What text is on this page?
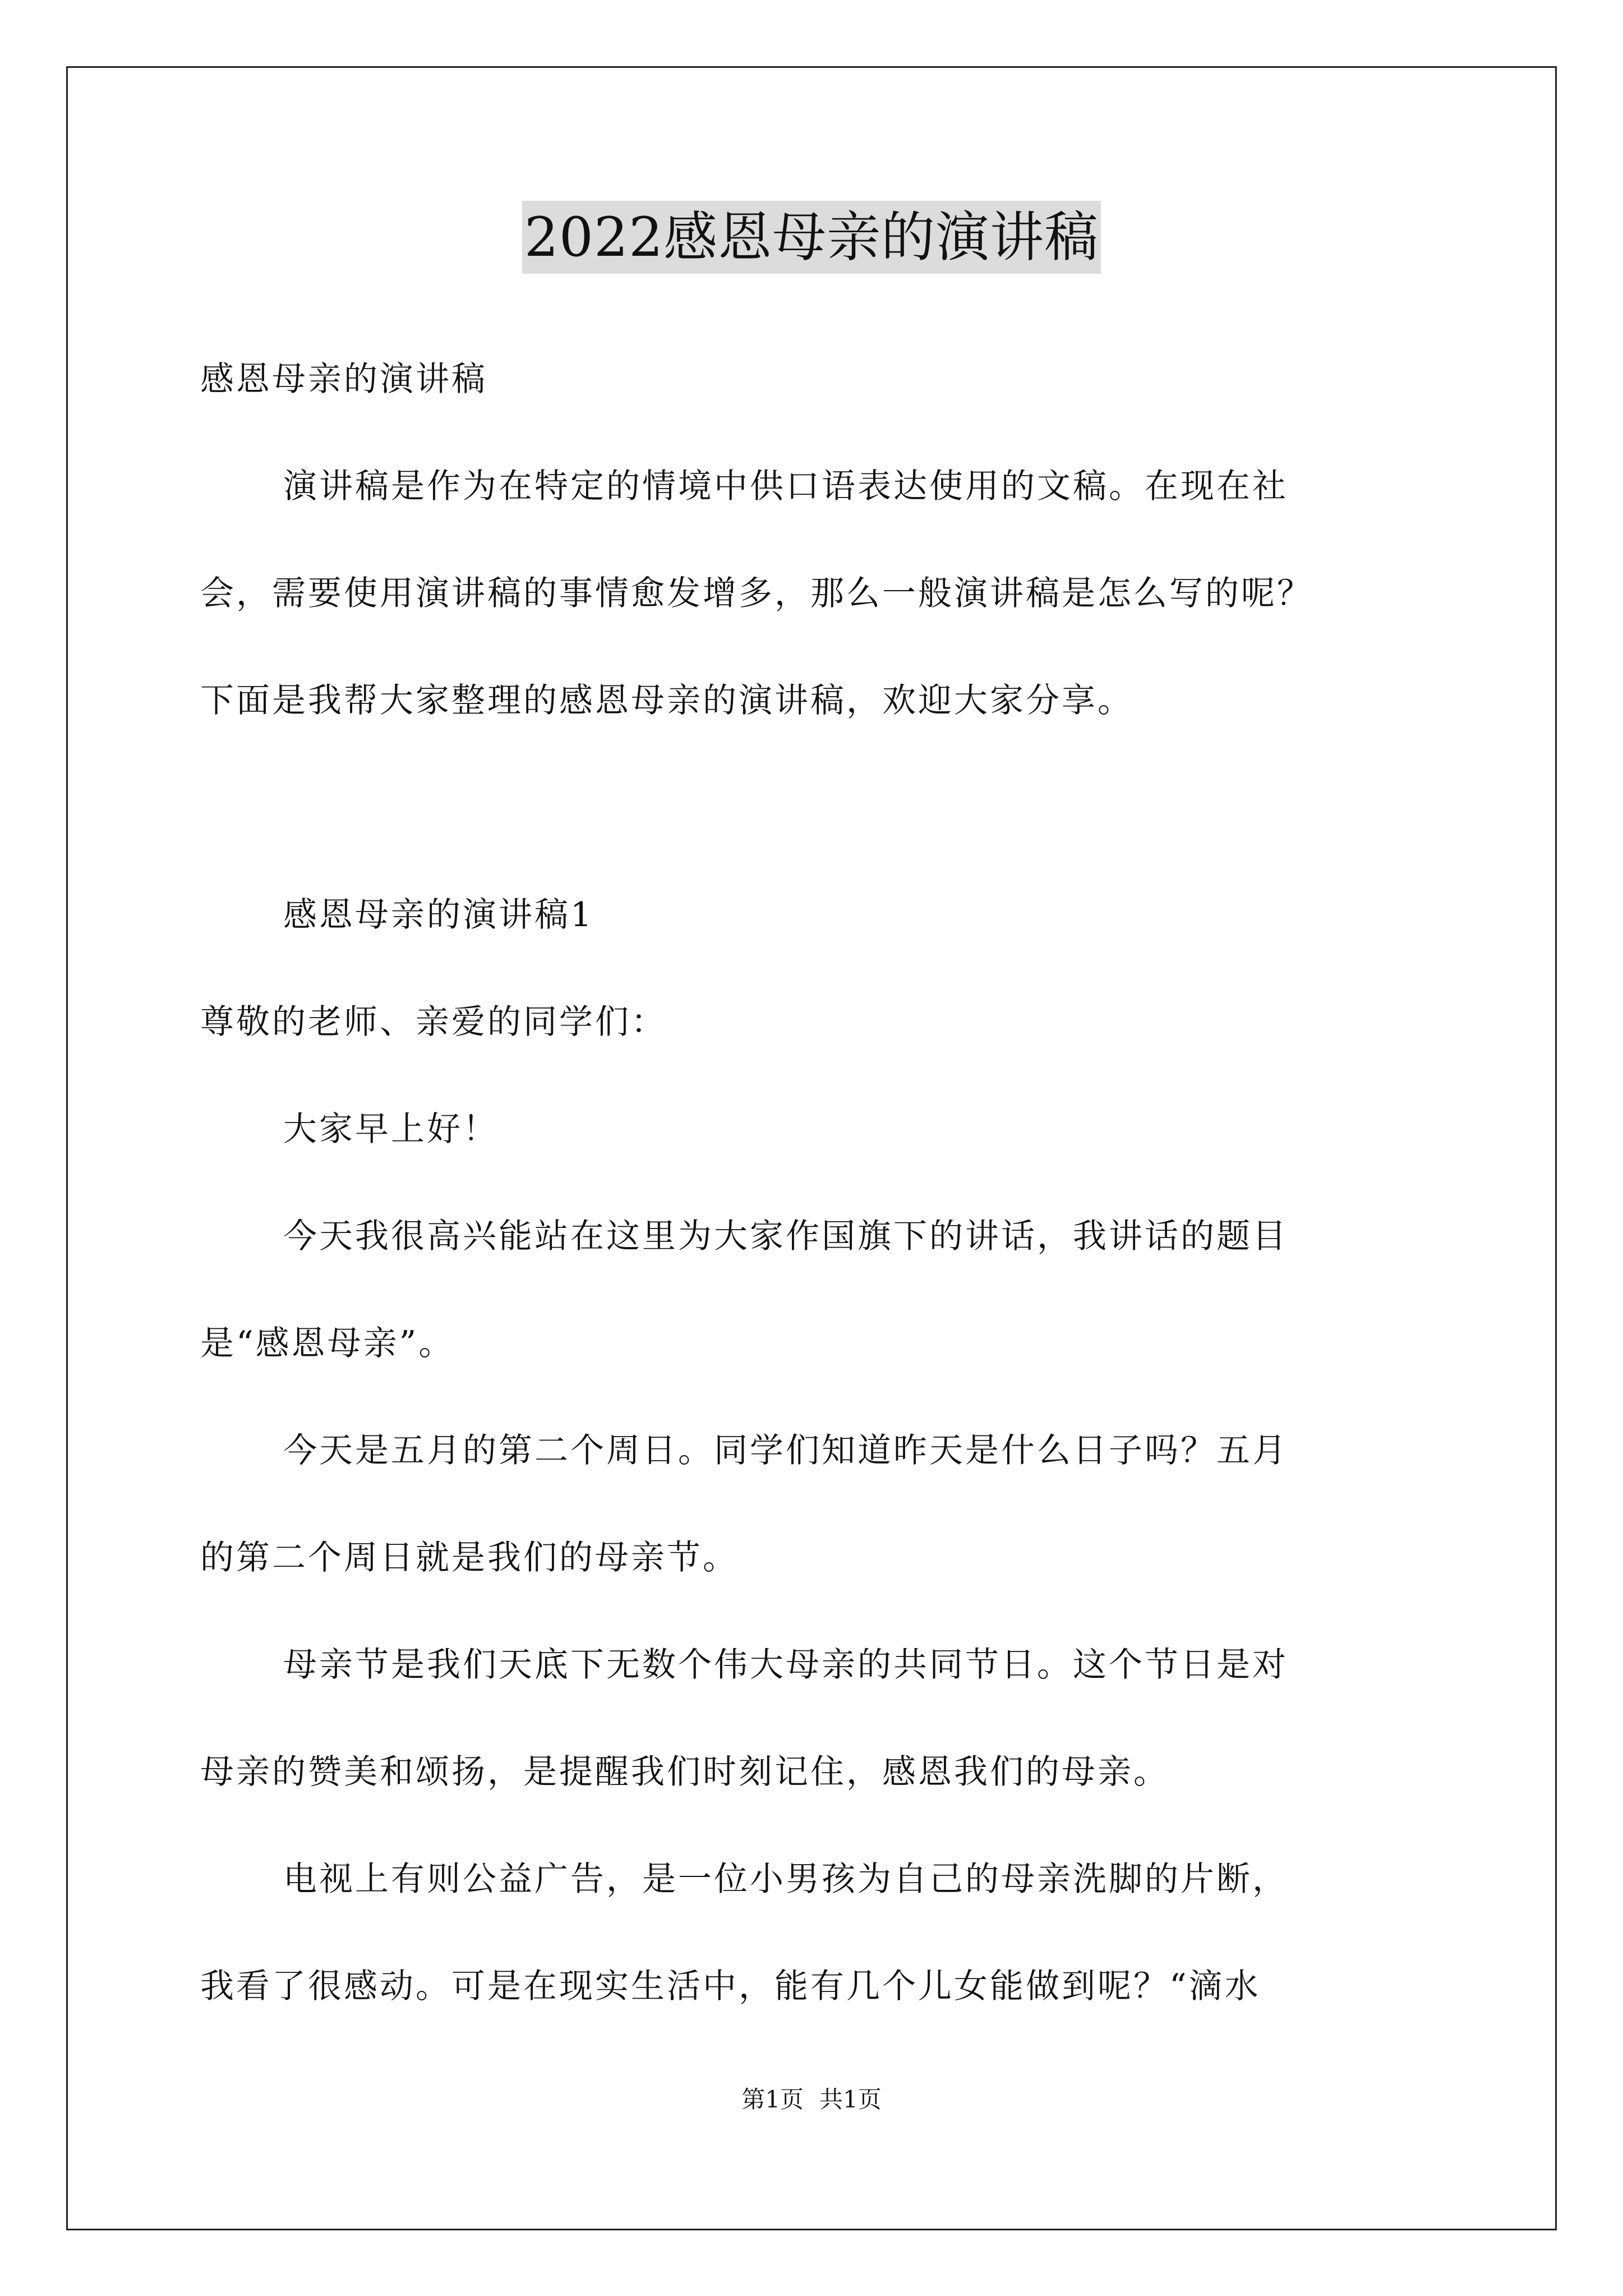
2022感恩母亲的演讲稿

感恩母亲的演讲稿

演讲稿是作为在特定的情境中供口语表达使用的文稿。在现在社

会，需要使用演讲稿的事情愈发增多，那么一般演讲稿是怎么写的呢？

下面是我帮大家整理的感恩母亲的演讲稿，欢迎大家分享。

感恩母亲的演讲稿1

尊敬的老师、亲爱的同学们：

大家早上好！

今天我很高兴能站在这里为大家作国旗下的讲话，我讲话的题目

是“感恩母亲”。

今天是五月的第二个周日。同学们知道昨天是什么日子吗？五月

的第二个周日就是我们的母亲节。

母亲节是我们天底下无数个伟大母亲的共同节日。这个节日是对

母亲的赞美和颂扬，是提醒我们时刻记住，感恩我们的母亲。

电视上有则公益广告，是一位小男孩为自己的母亲洗脚的片断，

我看了很感动。可是在现实生活中，能有几个儿女能做到呢？“滴水

第1页 共1页
